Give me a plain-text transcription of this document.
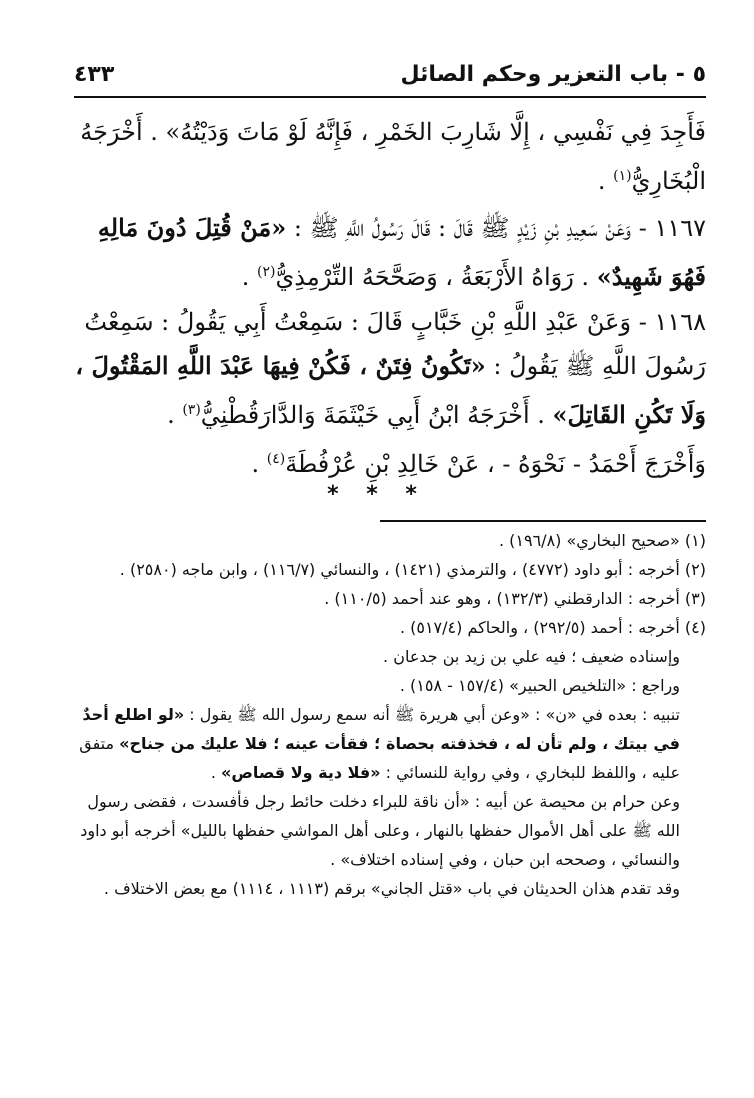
٥ - باب التعزير وحكم الصائل
٤٣٣

فَأَجِدَ فِي نَفْسِي ، إِلَّا شَارِبَ الخَمْرِ ، فَإِنَّهُ لَوْ مَاتَ وَدَيْتُهُ» . أَخْرَجَهُ الْبُخَارِيُّ$^{(١)}$ .

١١٦٧ - وَعَنْ سَعِيدِ بْنِ زَيْدٍ ﷺ قَالَ : قَالَ رَسُولُ اللَّهِ ﷺ : «مَنْ قُتِلَ دُونَ مَالِهِ فَهُوَ شَهِيدٌ» . رَوَاهُ الأَرْبَعَةُ ، وَصَحَّحَهُ التِّرْمِذِيُّ$^{(٢)}$ .

١١٦٨ - وَعَنْ عَبْدِ اللَّهِ بْنِ خَبَّابٍ قَالَ : سَمِعْتُ أَبِي يَقُولُ : سَمِعْتُ رَسُولَ اللَّهِ ﷺ يَقُولُ : «تَكُونُ فِتَنٌ ، فَكُنْ فِيهَا عَبْدَ اللَّهِ المَقْتُولَ ، وَلَا تَكُنِ القَاتِلَ» . أَخْرَجَهُ ابْنُ أَبِي خَيْثَمَةَ وَالدَّارَقُطْنِيُّ$^{(٣)}$ .

وَأَخْرَجَ أَحْمَدُ - نَحْوَهُ - ، عَنْ خَالِدِ بْنِ عُرْفُطَةَ$^{(٤)}$ .

* * *

(١) «صحيح البخاري» (١٩٦/٨) .

(٢) أخرجه : أبو داود (٤٧٧٢) ، والترمذي (١٤٢١) ، والنسائي (١١٦/٧) ، وابن ماجه (٢٥٨٠) .

(٣) أخرجه : الدارقطني (١٣٢/٣) ، وهو عند أحمد (١١٠/٥) .

(٤) أخرجه : أحمد (٢٩٢/٥) ، والحاكم (٥١٧/٤) .

وإسناده ضعيف ؛ فيه علي بن زيد بن جدعان .

وراجع : «التلخيص الحبير» (١٥٧/٤ - ١٥٨) .

تنبيه : بعده في «ن» : «وعن أبي هريرة ﷺ أنه سمع رسول الله ﷺ يقول : «لو اطلع أحدٌ في بيتك ، ولم تأن له ، فخذفته بحصاة ؛ فقأت عينه ؛ فلا عليك من جناح» متفق عليه ، واللفظ للبخاري ، وفي رواية للنسائي : «فلا دية ولا قصاص» .

وعن حرام بن محيصة عن أبيه : «أن ناقة للبراء دخلت حائط رجل فأفسدت ، فقضى رسول الله ﷺ على أهل الأموال حفظها بالنهار ، وعلى أهل المواشي حفظها بالليل» أخرجه أبو داود والنسائي ، وصححه ابن حبان ، وفي إسناده اختلاف» .

وقد تقدم هذان الحديثان في باب «قتل الجاني» برقم (١١١٣ ، ١١١٤) مع بعض الاختلاف .
